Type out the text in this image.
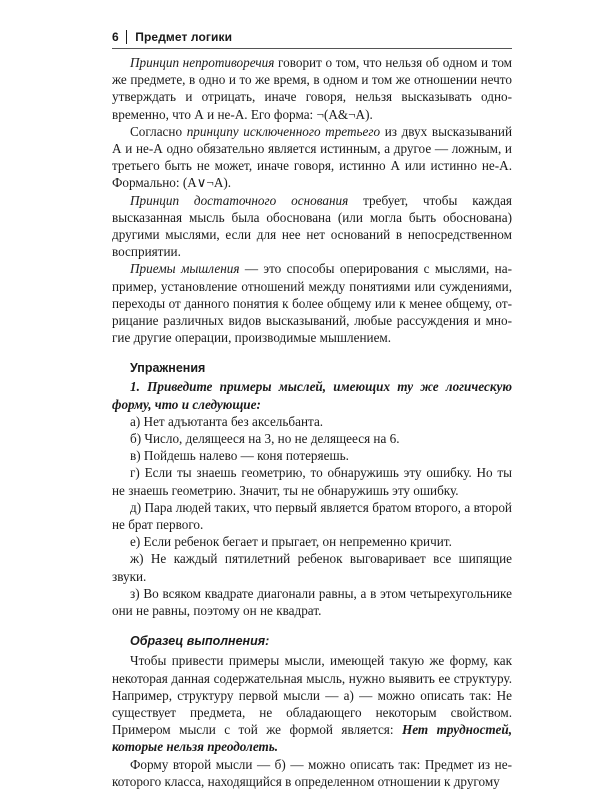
6 Предмет логики

Принцип непротиворечия говорит о том, что нельзя об одном и том же предмете, в одно и то же время, в одном и том же отношении нечто утверждать и отрицать, иначе говоря, нельзя высказывать одновременно, что А и не-А. Его форма: ¬(А&¬А).

Согласно принципу исключенного третьего из двух высказываний А и не-А одно обязательно является истинным, а другое — ложным, и третьего быть не может, иначе говоря, истинно А или истинно не-А. Формально: (А∨¬А).

Принцип достаточного основания требует, чтобы каждая высказанная мысль была обоснована (или могла быть обоснована) другими мыслями, если для нее нет оснований в непосредственном восприятии.

Приемы мышления — это способы оперирования с мыслями, например, установление отношений между понятиями или суждениями, переходы от данного понятия к более общему или к менее общему, отрицание различных видов высказываний, любые рассуждения и многие другие операции, производимые мышлением.

Упражнения
1. Приведите примеры мыслей, имеющих ту же логическую форму, что и следующие:

а) Нет адъютанта без аксельбанта.

б) Число, делящееся на 3, но не делящееся на 6.

в) Пойдешь налево — коня потеряешь.

г) Если ты знаешь геометрию, то обнаружишь эту ошибку. Но ты не знаешь геометрию. Значит, ты не обнаружишь эту ошибку.

д) Пара людей таких, что первый является братом второго, а второй не брат первого.

е) Если ребенок бегает и прыгает, он непременно кричит.

ж) Не каждый пятилетний ребенок выговаривает все шипящие звуки.

з) Во всяком квадрате диагонали равны, а в этом четырехугольнике они не равны, поэтому он не квадрат.

Образец выполнения:

Чтобы привести примеры мысли, имеющей такую же форму, как некоторая данная содержательная мысль, нужно выявить ее структуру. Например, структуру первой мысли — а) — можно описать так: Не существует предмета, не обладающего некоторым свойством. Примером мысли с той же формой является: Нет трудностей, которые нельзя преодолеть.

Форму второй мысли — б) — можно описать так: Предмет из некоторого класса, находящийся в определенном отношении к другому
